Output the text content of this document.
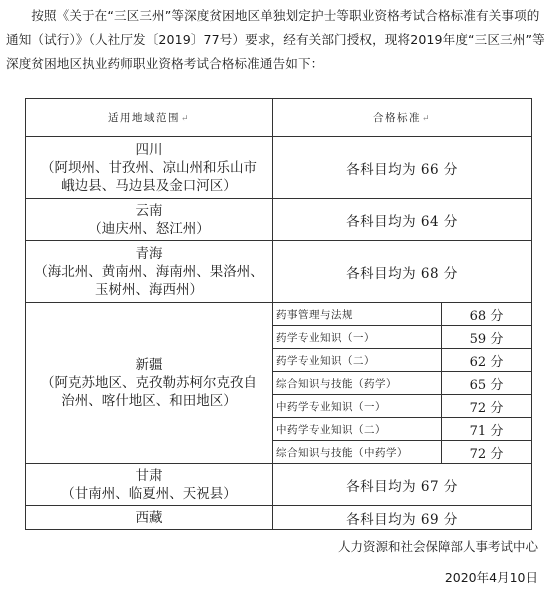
按照《关于在“三区三州”等深度贫困地区单独划定护士等职业资格考试合格标准有关事项的通知（试行）》（人社厅发〔2019〕77号）要求，经有关部门授权，现将2019年度“三区三州”等深度贫困地区执业药师职业资格考试合格标准通告如下：

适用地域范围↵	合格标准↵	

四川
（阿坝州、甘孜州、凉山州和乐山市
峨边县、马边县及金口河区）	各科目均为 66 分	

云南
（迪庆州、怒江州）	各科目均为 64 分	

青海
（海北州、黄南州、海南州、果洛州、
玉树州、海西州）	各科目均为 68 分	

新疆
（阿克苏地区、克孜勒苏柯尔克孜自
治州、喀什地区、和田地区）	药事管理与法规	68 分
	药学专业知识（一）	59 分
	药学专业知识（二）	62 分
	综合知识与技能（药学）	65 分
	中药学专业知识（一）	72 分
	中药学专业知识（二）	71 分
	综合知识与技能（中药学）	72 分

甘肃
（甘南州、临夏州、天祝县）	各科目均为 67 分	
西藏	各科目均为 69 分	

人力资源和社会保障部人事考试中心

2020年4月10日
